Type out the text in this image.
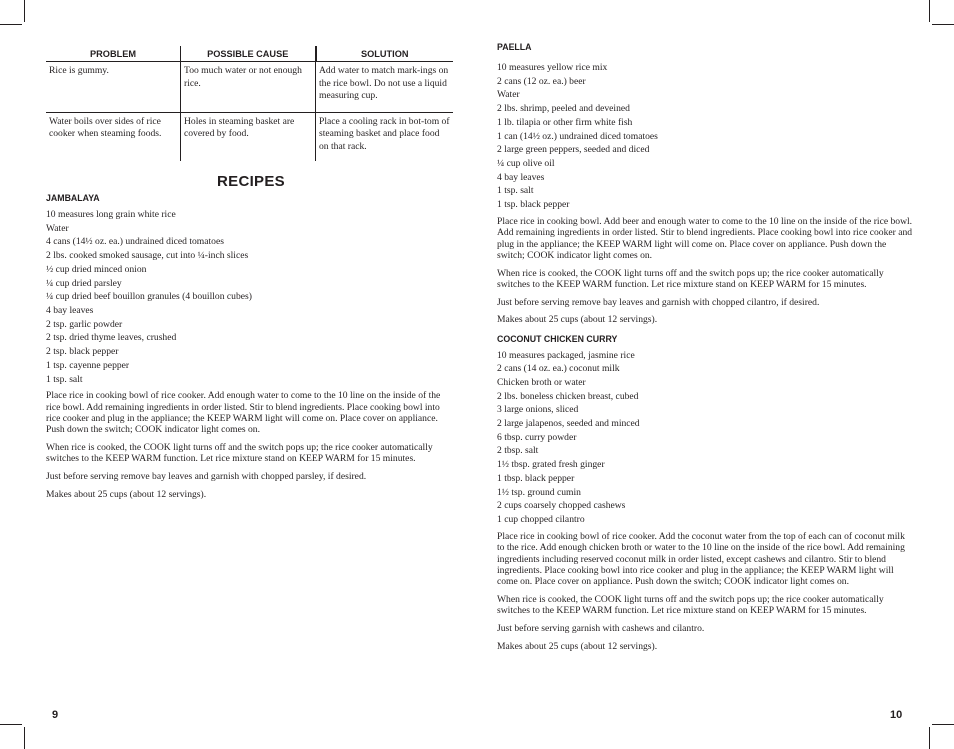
PROBLEM	POSSIBLE CAUSE	SOLUTION
Rice is gummy.	Too much water or not enough rice.	Add water to match mark-ings on the rice bowl. Do not use a liquid measuring cup.
Water boils over sides of rice cooker when steaming foods.	Holes in steaming basket are covered by food.	Place a cooling rack in bot-tom of steaming basket and place food on that rack.
RECIPES
JAMBALAYA
10 measures long grain white rice
Water
4 cans (14½ oz. ea.) undrained diced tomatoes
2 lbs. cooked smoked sausage, cut into ¼-inch slices
½ cup dried minced onion
¼ cup dried parsley
¼ cup dried beef bouillon granules (4 bouillon cubes)
4 bay leaves
2 tsp. garlic powder
2 tsp. dried thyme leaves, crushed
2 tsp. black pepper
1 tsp. cayenne pepper
1 tsp. salt

Place rice in cooking bowl of rice cooker. Add enough water to come to the 10 line on the inside of the rice bowl. Add remaining ingredients in order listed. Stir to blend ingredients. Place cooking bowl into rice cooker and plug in the appliance; the KEEP WARM light will come on. Place cover on appliance. Push down the switch; COOK indicator light comes on.

When rice is cooked, the COOK light turns off and the switch pops up; the rice cooker automatically switches to the KEEP WARM function. Let rice mixture stand on KEEP WARM for 15 minutes.

Just before serving remove bay leaves and garnish with chopped parsley, if desired.

Makes about 25 cups (about 12 servings).

PAELLA
10 measures yellow rice mix
2 cans (12 oz. ea.) beer
Water
2 lbs. shrimp, peeled and deveined
1 lb. tilapia or other firm white fish
1 can (14½ oz.) undrained diced tomatoes
2 large green peppers, seeded and diced
¼ cup olive oil
4 bay leaves
1 tsp. salt
1 tsp. black pepper

Place rice in cooking bowl. Add beer and enough water to come to the 10 line on the inside of the rice bowl. Add remaining ingredients in order listed. Stir to blend ingredients. Place cooking bowl into rice cooker and plug in the appliance; the KEEP WARM light will come on. Place cover on appliance. Push down the switch; COOK indicator light comes on.

When rice is cooked, the COOK light turns off and the switch pops up; the rice cooker automatically switches to the KEEP WARM function. Let rice mixture stand on KEEP WARM for 15 minutes.

Just before serving remove bay leaves and garnish with chopped cilantro, if desired.

Makes about 25 cups (about 12 servings).

COCONUT CHICKEN CURRY
10 measures packaged, jasmine rice
2 cans (14 oz. ea.) coconut milk
Chicken broth or water
2 lbs. boneless chicken breast, cubed
3 large onions, sliced
2 large jalapenos, seeded and minced
6 tbsp. curry powder
2 tbsp. salt
1½ tbsp. grated fresh ginger
1 tbsp. black pepper
1½ tsp. ground cumin
2 cups coarsely chopped cashews
1 cup chopped cilantro

Place rice in cooking bowl of rice cooker. Add the coconut water from the top of each can of coconut milk to the rice. Add enough chicken broth or water to the 10 line on the inside of the rice bowl. Add remaining ingredients including reserved coconut milk in order listed, except cashews and cilantro. Stir to blend ingredients. Place cooking bowl into rice cooker and plug in the appliance; the KEEP WARM light will come on. Place cover on appliance. Push down the switch; COOK indicator light comes on.

When rice is cooked, the COOK light turns off and the switch pops up; the rice cooker automatically switches to the KEEP WARM function. Let rice mixture stand on KEEP WARM for 15 minutes.

Just before serving garnish with cashews and cilantro.

Makes about 25 cups (about 12 servings).

9	10
